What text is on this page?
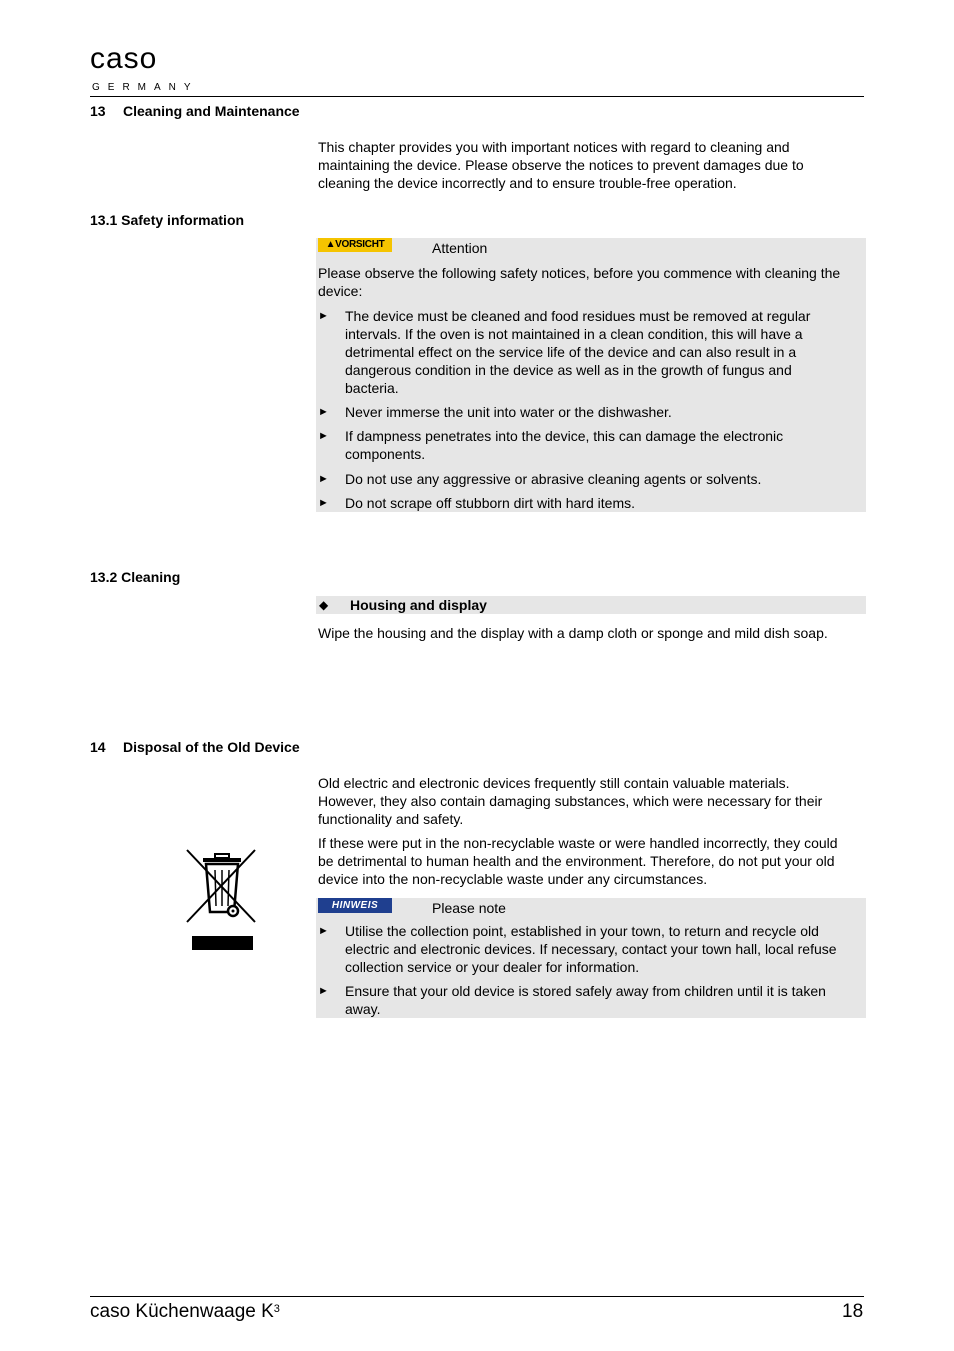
caso
GERMANY
13 Cleaning and Maintenance
This chapter provides you with important notices with regard to cleaning and
maintaining the device. Please observe the notices to prevent damages due to
cleaning the device incorrectly and to ensure trouble-free operation.
13.1 Safety information
▲VORSICHT	Attention
Please observe the following safety notices, before you commence with cleaning the
device:
► The device must be cleaned and food residues must be removed at regular
intervals. If the oven is not maintained in a clean condition, this will have a
detrimental effect on the service life of the device and can also result in a
dangerous condition in the device as well as in the growth of fungus and
bacteria.
► Never immerse the unit into water or the dishwasher.
► If dampness penetrates into the device, this can damage the electronic
components.
► Do not use any aggressive or abrasive cleaning agents or solvents.
► Do not scrape off stubborn dirt with hard items.
13.2 Cleaning
◆ Housing and display
Wipe the housing and the display with a damp cloth or sponge and mild dish soap.
14 Disposal of the Old Device
Old electric and electronic devices frequently still contain valuable materials.
However, they also contain damaging substances, which were necessary for their
functionality and safety.
If these were put in the non-recyclable waste or were handled incorrectly, they could
be detrimental to human health and the environment. Therefore, do not put your old
device into the non-recyclable waste under any circumstances.
HINWEIS	Please note
► Utilise the collection point, established in your town, to return and recycle old
electric and electronic devices. If necessary, contact your town hall, local refuse
collection service or your dealer for information.
► Ensure that your old device is stored safely away from children until it is taken
away.
caso Küchenwaage $K^3$	18
